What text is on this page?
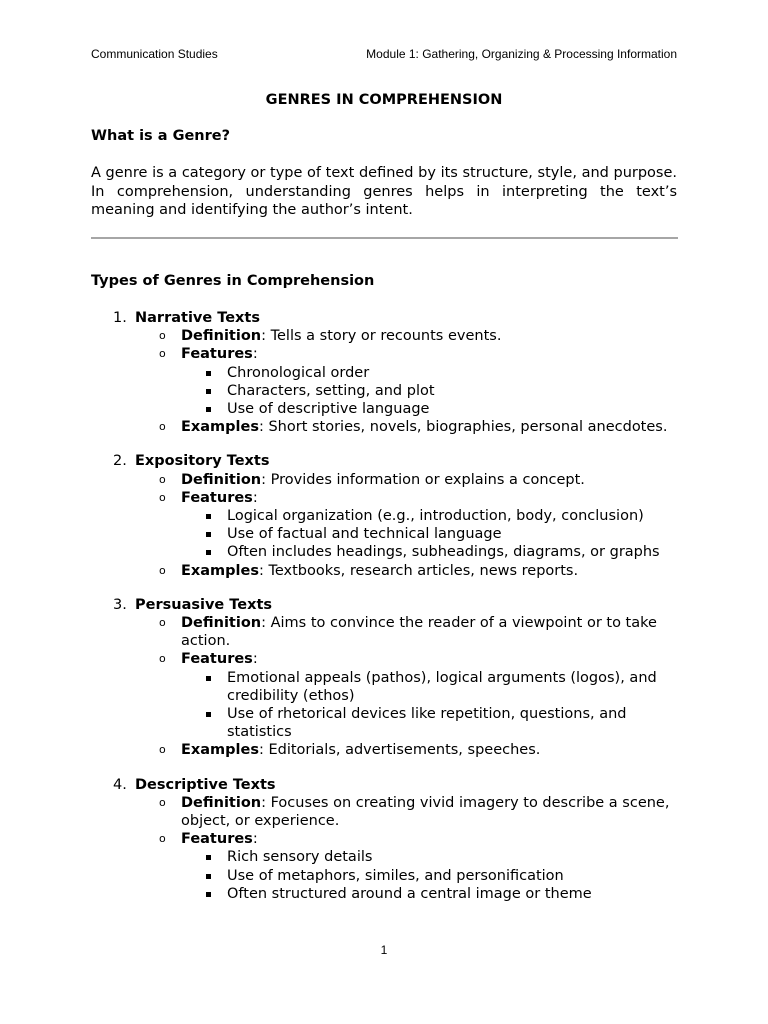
Communication Studies	Module 1: Gathering, Organizing & Processing Information
GENRES IN COMPREHENSION
What is a Genre?
A genre is a category or type of text defined by its structure, style, and purpose. In comprehension, understanding genres helps in interpreting the text’s meaning and identifying the author’s intent.
Types of Genres in Comprehension
1. Narrative Texts
o Definition: Tells a story or recounts events.
o Features:
Chronological order
Characters, setting, and plot
Use of descriptive language
o Examples: Short stories, novels, biographies, personal anecdotes.
2. Expository Texts
o Definition: Provides information or explains a concept.
o Features:
Logical organization (e.g., introduction, body, conclusion)
Use of factual and technical language
Often includes headings, subheadings, diagrams, or graphs
o Examples: Textbooks, research articles, news reports.
3. Persuasive Texts
o Definition: Aims to convince the reader of a viewpoint or to take action.
o Features:
Emotional appeals (pathos), logical arguments (logos), and credibility (ethos)
Use of rhetorical devices like repetition, questions, and statistics
o Examples: Editorials, advertisements, speeches.
4. Descriptive Texts
o Definition: Focuses on creating vivid imagery to describe a scene, object, or experience.
o Features:
Rich sensory details
Use of metaphors, similes, and personification
Often structured around a central image or theme
1
